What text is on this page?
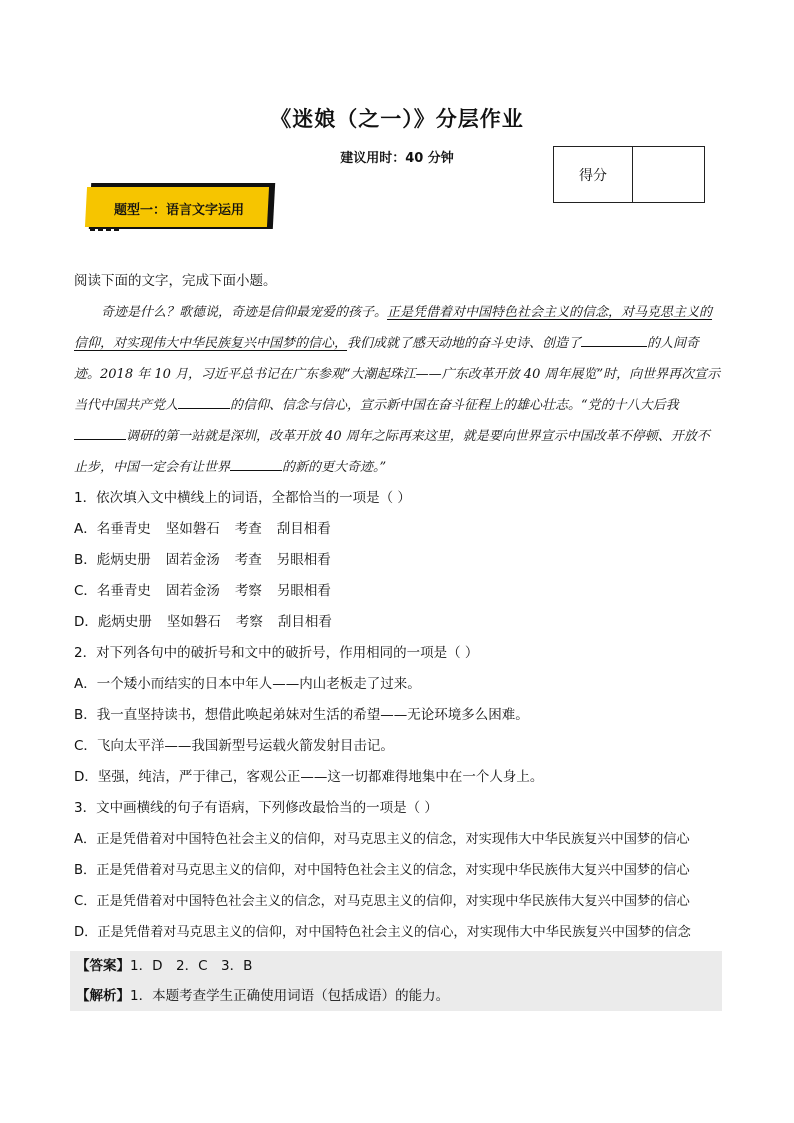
《迷娘（之一）》分层作业
建议用时：40 分钟
得分	
题型一：语言文字运用

阅读下面的文字，完成下面小题。

奇迹是什么？歌德说，奇迹是信仰最宠爱的孩子。正是凭借着对中国特色社会主义的信念，对马克思主义的信仰，对实现伟大中华民族复兴中国梦的信心，我们成就了感天动地的奋斗史诗、创造了	的人间奇迹。2018 年 10 月，习近平总书记在广东参观“大潮起珠江——广东改革开放 40 周年展览”时，向世界再次宣示当代中国共产党人	的信仰、信念与信心，宣示新中国在奋斗征程上的雄心壮志。“党的十八大后我调研的第一站就是深圳，改革开放 40 周年之际再来这里，就是要向世界宣示中国改革不停顿、开放不止步，中国一定会有让世界	的新的更大奇迹。”

1．依次填入文中横线上的词语，全都恰当的一项是（ ）

A．名垂青史 坚如磐石 考查 刮目相看

B．彪炳史册 固若金汤 考查 另眼相看

C．名垂青史 固若金汤 考察 另眼相看

D．彪炳史册 坚如磐石 考察 刮目相看

2．对下列各句中的破折号和文中的破折号，作用相同的一项是（ ）

A．一个矮小而结实的日本中年人——内山老板走了过来。

B．我一直坚持读书，想借此唤起弟妹对生活的希望——无论环境多么困难。

C．飞向太平洋——我国新型号运载火箭发射目击记。

D．坚强，纯洁，严于律己，客观公正——这一切都难得地集中在一个人身上。

3．文中画横线的句子有语病，下列修改最恰当的一项是（ ）

A．正是凭借着对中国特色社会主义的信仰，对马克思主义的信念，对实现伟大中华民族复兴中国梦的信心

B．正是凭借着对马克思主义的信仰，对中国特色社会主义的信念，对实现中华民族伟大复兴中国梦的信心

C．正是凭借着对中国特色社会主义的信念，对马克思主义的信仰，对实现中华民族伟大复兴中国梦的信心

D．正是凭借着对马克思主义的信仰，对中国特色社会主义的信心，对实现伟大中华民族复兴中国梦的信念

【答案】1．D　2．C　3．B

【解析】1．本题考查学生正确使用词语（包括成语）的能力。
